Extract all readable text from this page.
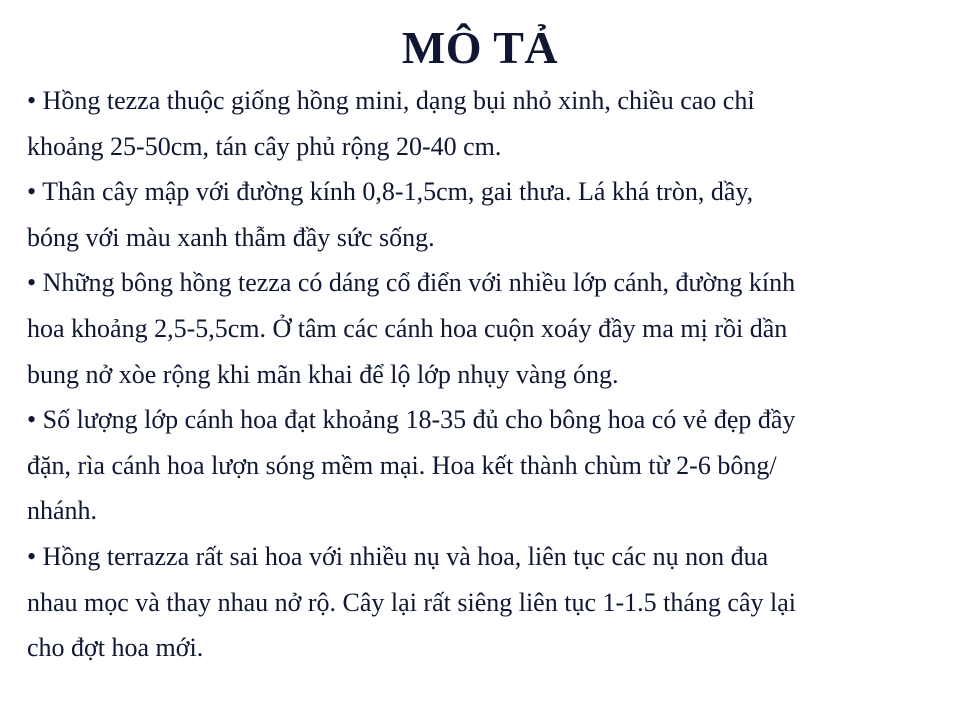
MÔ TẢ
• Hồng tezza thuộc giống hồng mini, dạng bụi nhỏ xinh, chiều cao chỉ
khoảng 25-50cm, tán cây phủ rộng 20-40 cm.
• Thân cây mập với đường kính 0,8-1,5cm, gai thưa. Lá khá tròn, dầy,
bóng với màu xanh thẫm đầy sức sống.
• Những bông hồng tezza có dáng cổ điển với nhiều lớp cánh, đường kính
hoa khoảng 2,5-5,5cm. Ở tâm các cánh hoa cuộn xoáy đầy ma mị rồi dần
bung nở xòe rộng khi mãn khai để lộ lớp nhụy vàng óng.
• Số lượng lớp cánh hoa đạt khoảng 18-35 đủ cho bông hoa có vẻ đẹp đầy
đặn, rìa cánh hoa lượn sóng mềm mại. Hoa kết thành chùm từ 2-6 bông/
nhánh.
• Hồng terrazza rất sai hoa với nhiều nụ và hoa, liên tục các nụ non đua
nhau mọc và thay nhau nở rộ. Cây lại rất siêng liên tục 1-1.5 tháng cây lại
cho đợt hoa mới.
